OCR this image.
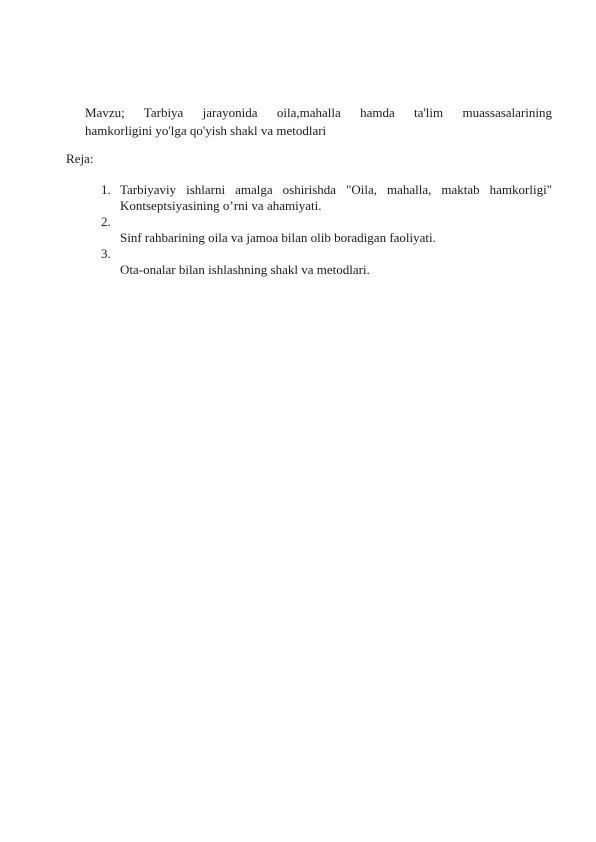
Mavzu; Tarbiya jarayonida oila,mahalla hamda ta'lim muassasalarining
hamkorligini yo'lga qo'yish shakl va metodlari
Reja:
1. Tarbiyaviy ishlarni amalga oshirishda "Oila, mahalla, maktab hamkorligi"
Kontseptsiyasining o’rni va ahamiyati.
2.
Sinf rahbarining oila va jamoa bilan olib boradigan faoliyati.
3.
Ota-onalar bilan ishlashning shakl va metodlari.
